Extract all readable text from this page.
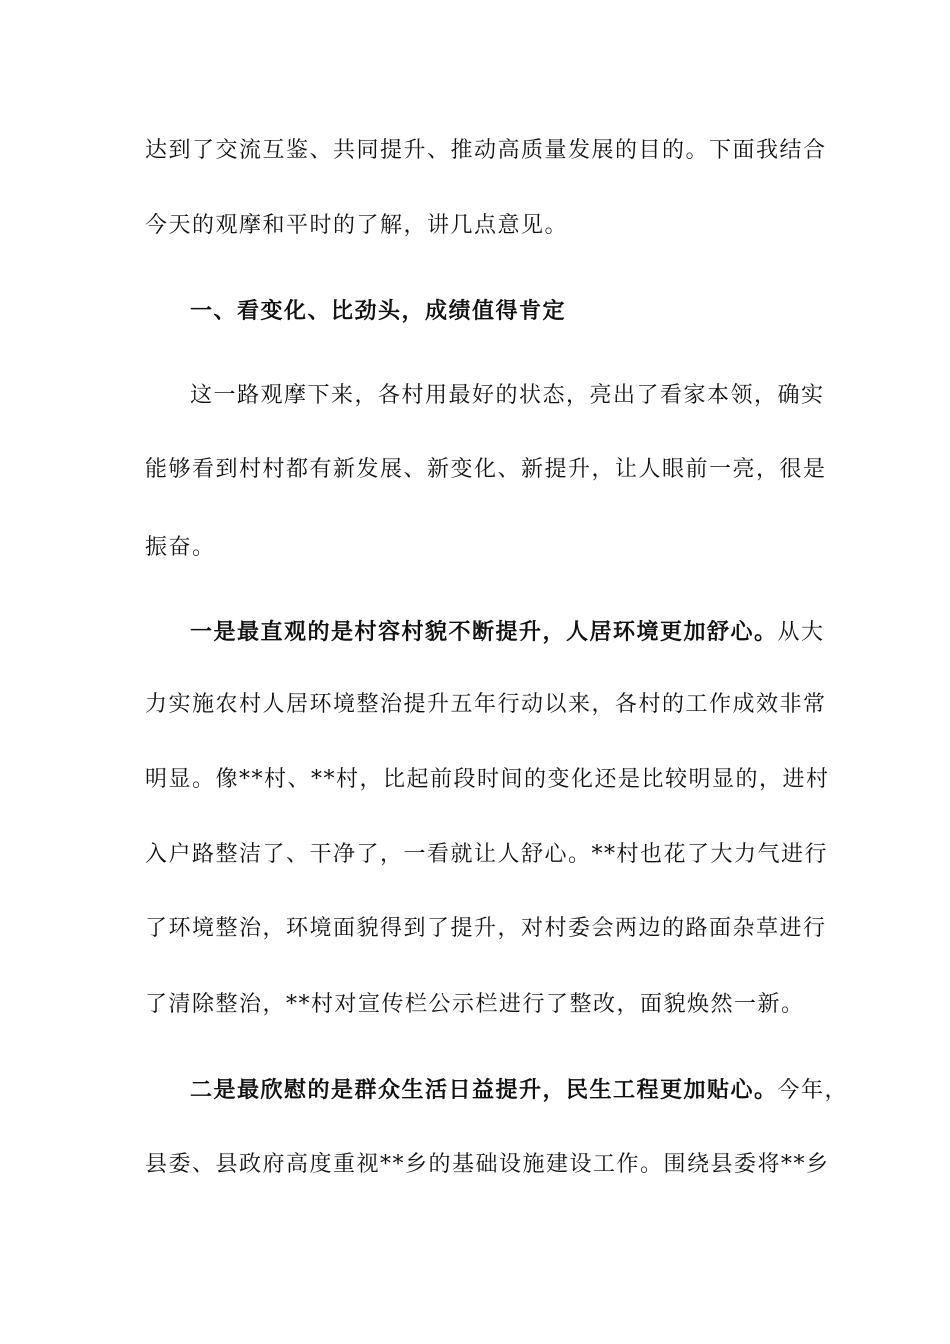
达到了交流互鉴、共同提升、推动高质量发展的目的。下面我结合
今天的观摩和平时的了解，讲几点意见。
一、看变化、比劲头，成绩值得肯定
这一路观摩下来，各村用最好的状态，亮出了看家本领，确实
能够看到村村都有新发展、新变化、新提升，让人眼前一亮，很是
振奋。
一是最直观的是村容村貌不断提升，人居环境更加舒心。从大
力实施农村人居环境整治提升五年行动以来，各村的工作成效非常
明显。像**村、**村，比起前段时间的变化还是比较明显的，进村
入户路整洁了、干净了，一看就让人舒心。**村也花了大力气进行
了环境整治，环境面貌得到了提升，对村委会两边的路面杂草进行
了清除整治，**村对宣传栏公示栏进行了整改，面貌焕然一新。
二是最欣慰的是群众生活日益提升，民生工程更加贴心。今年，
县委、县政府高度重视**乡的基础设施建设工作。围绕县委将**乡
